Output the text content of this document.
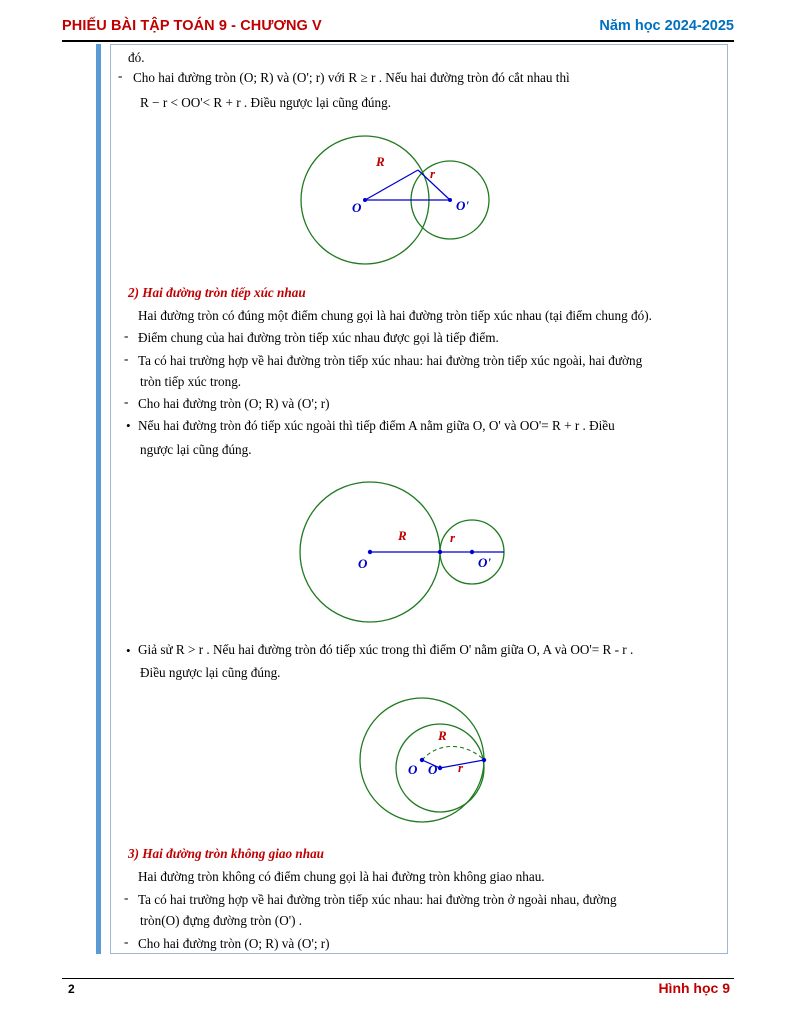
PHIẾU BÀI TẬP TOÁN 9 - CHƯƠNG V	Năm học 2024-2025
đó.
- Cho hai đường tròn (O; R) và (O'; r) với R ≥ r . Nếu hai đường tròn đó cắt nhau thì
R − r < OO'< R + r . Điều ngược lại cũng đúng.
R
r
O	O'
2) Hai đường tròn tiếp xúc nhau
Hai đường tròn có đúng một điểm chung gọi là hai đường tròn tiếp xúc nhau (tại điểm chung đó).
- Điểm chung của hai đường tròn tiếp xúc nhau được gọi là tiếp điểm.
- Ta có hai trường hợp về hai đường tròn tiếp xúc nhau: hai đường tròn tiếp xúc ngoài, hai đường
tròn tiếp xúc trong.
- Cho hai đường tròn (O; R) và (O'; r)
• Nếu hai đường tròn đó tiếp xúc ngoài thì tiếp điểm A nằm giữa O, O' và OO'= R + r . Điều
ngược lại cũng đúng.
R	r
O	O'
• Giả sử R > r . Nếu hai đường tròn đó tiếp xúc trong thì điểm O' nằm giữa O, A và OO'= R - r .
Điều ngược lại cũng đúng.
R
r
O O'
3) Hai đường tròn không giao nhau
Hai đường tròn không có điểm chung gọi là hai đường tròn không giao nhau.
- Ta có hai trường hợp về hai đường tròn tiếp xúc nhau: hai đường tròn ở ngoài nhau, đường
tròn(O) đựng đường tròn (O') .
- Cho hai đường tròn (O; R) và (O'; r)
2	Hình học 9
